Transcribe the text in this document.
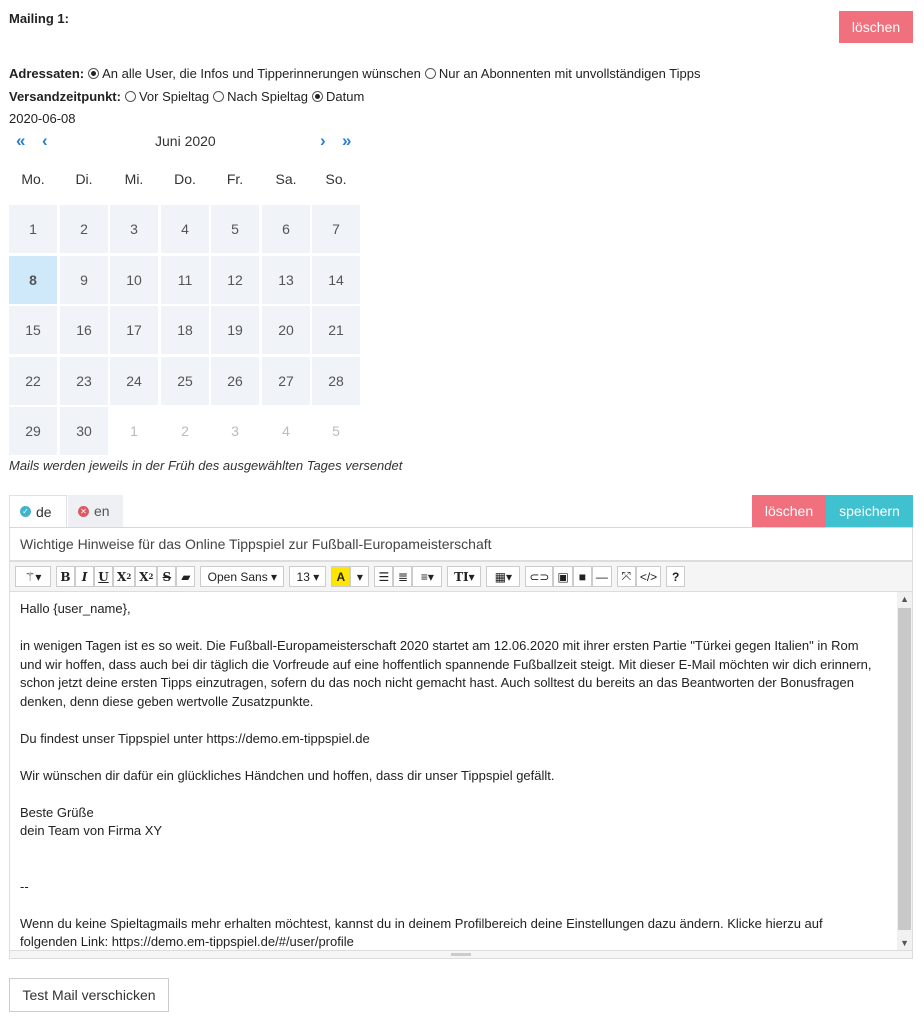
Mailing 1:
löschen
Adressaten: An alle User, die Infos und Tipperinnerungen wünschen Nur an Abonnenten mit unvollständigen Tipps
Versandzeitpunkt: Vor Spieltag Nach Spieltag Datum
2020-06-08
« ‹	Juni 2020	› »
Mo.	Di.	Mi.	Do.	Fr.	Sa.	So.
1	2	3	4	5	6	7
8	9	10	11	12	13	14
15	16	17	18	19	20	21
22	23	24	25	26	27	28
29	30	1	2	3	4	5
Mails werden jeweils in der Früh des ausgewählten Tages versendet
✓ de	✕ en	löschen	speichern
Wichtige Hinweise für das Online Tippspiel zur Fußball-Europameisterschaft
⚚▾	B I U X 2 X 2 S ▰	Open Sans ▾	13 ▾	A ▾	☰ ≣	≡▾	TI▾	▦▾	⊂⊃ ▣ ■ —	⤧ </>	?

Hallo {user_name},

in wenigen Tagen ist es so weit. Die Fußball-Europameisterschaft 2020 startet am 12.06.2020 mit ihrer ersten Partie "Türkei gegen Italien" in Rom und wir hoffen, dass auch bei dir täglich die Vorfreude auf eine hoffentlich spannende Fußballzeit steigt. Mit dieser E-Mail möchten wir dich erinnern, schon jetzt deine ersten Tipps einzutragen, sofern du das noch nicht gemacht hast. Auch solltest du bereits an das Beantworten der Bonusfragen denken, denn diese geben wertvolle Zusatzpunkte.

Du findest unser Tippspiel unter https://demo.em-tippspiel.de

Wir wünschen dir dafür ein glückliches Händchen und hoffen, dass dir unser Tippspiel gefällt.

Beste Grüße

dein Team von Firma XY

--

Wenn du keine Spieltagmails mehr erhalten möchtest, kannst du in deinem Profilbereich deine Einstellungen dazu ändern. Klicke hierzu auf folgenden Link: https://demo.em-tippspiel.de/#/user/profile

▲
▼
Test Mail verschicken
